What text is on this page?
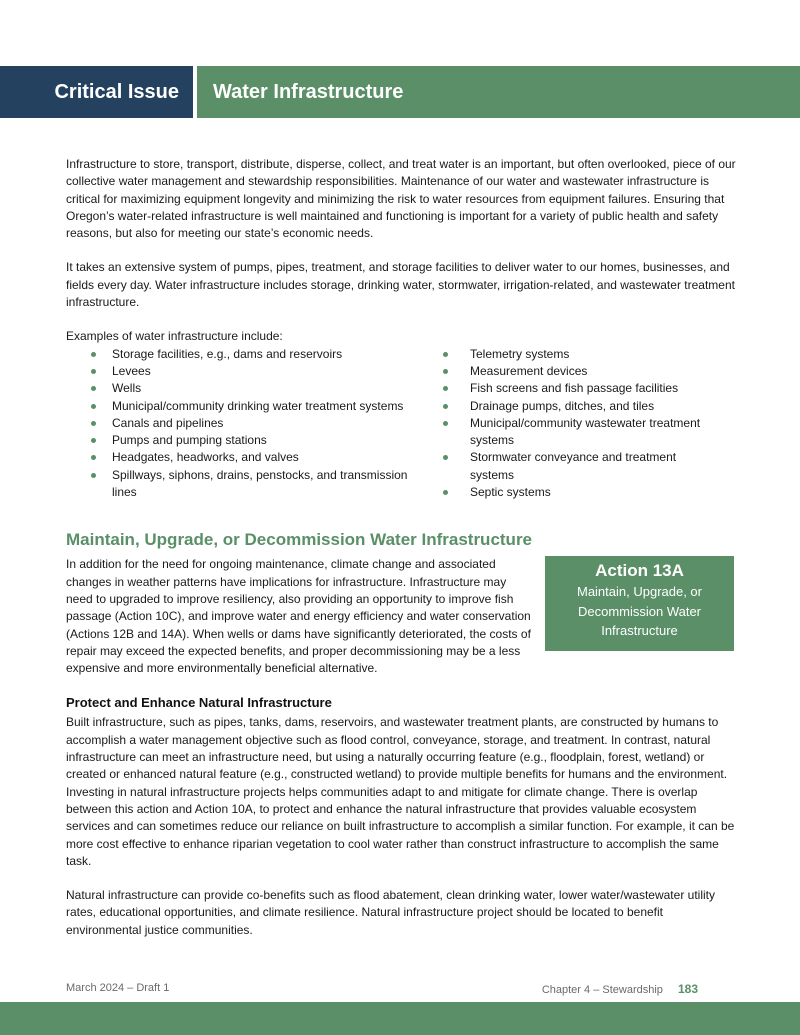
Critical Issue	Water Infrastructure

Infrastructure to store, transport, distribute, disperse, collect, and treat water is an important, but often overlooked, piece of our collective water management and stewardship responsibilities. Maintenance of our water and wastewater infrastructure is critical for maximizing equipment longevity and minimizing the risk to water resources from equipment failures. Ensuring that Oregon’s water-related infrastructure is well maintained and functioning is important for a variety of public health and safety reasons, but also for meeting our state’s economic needs.

It takes an extensive system of pumps, pipes, treatment, and storage facilities to deliver water to our homes, businesses, and fields every day. Water infrastructure includes storage, drinking water, stormwater, irrigation-related, and wastewater treatment infrastructure.

Examples of water infrastructure include:

Storage facilities, e.g., dams and reservoirs
Levees
Wells
Municipal/community drinking water treatment systems
Canals and pipelines
Pumps and pumping stations
Headgates, headworks, and valves
Spillways, siphons, drains, penstocks, and transmission lines
Telemetry systems
Measurement devices
Fish screens and fish passage facilities
Drainage pumps, ditches, and tiles
Municipal/community wastewater treatment systems
Stormwater conveyance and treatment systems
Septic systems
Maintain, Upgrade, or Decommission Water Infrastructure
Action 13A
Maintain, Upgrade, or Decommission Water Infrastructure

In addition for the need for ongoing maintenance, climate change and associated changes in weather patterns have implications for infrastructure. Infrastructure may need to upgraded to improve resiliency, also providing an opportunity to improve fish passage (Action 10C), and improve water and energy efficiency and water conservation (Actions 12B and 14A). When wells or dams have significantly deteriorated, the costs of repair may exceed the expected benefits, and proper decommissioning may be a less expensive and more environmentally beneficial alternative.

Protect and Enhance Natural Infrastructure

Built infrastructure, such as pipes, tanks, dams, reservoirs, and wastewater treatment plants, are constructed by humans to accomplish a water management objective such as flood control, conveyance, storage, and treatment. In contrast, natural infrastructure can meet an infrastructure need, but using a naturally occurring feature (e.g., floodplain, forest, wetland) or created or enhanced natural feature (e.g., constructed wetland) to provide multiple benefits for humans and the environment. Investing in natural infrastructure projects helps communities adapt to and mitigate for climate change. There is overlap between this action and Action 10A, to protect and enhance the natural infrastructure that provides valuable ecosystem services and can sometimes reduce our reliance on built infrastructure to accomplish a similar function. For example, it can be more cost effective to enhance riparian vegetation to cool water rather than construct infrastructure to accomplish the same task.

Natural infrastructure can provide co-benefits such as flood abatement, clean drinking water, lower water/wastewater utility rates, educational opportunities, and climate resilience. Natural infrastructure project should be located to benefit environmental justice communities.

March 2024 – Draft 1	Chapter 4 – Stewardship 183
